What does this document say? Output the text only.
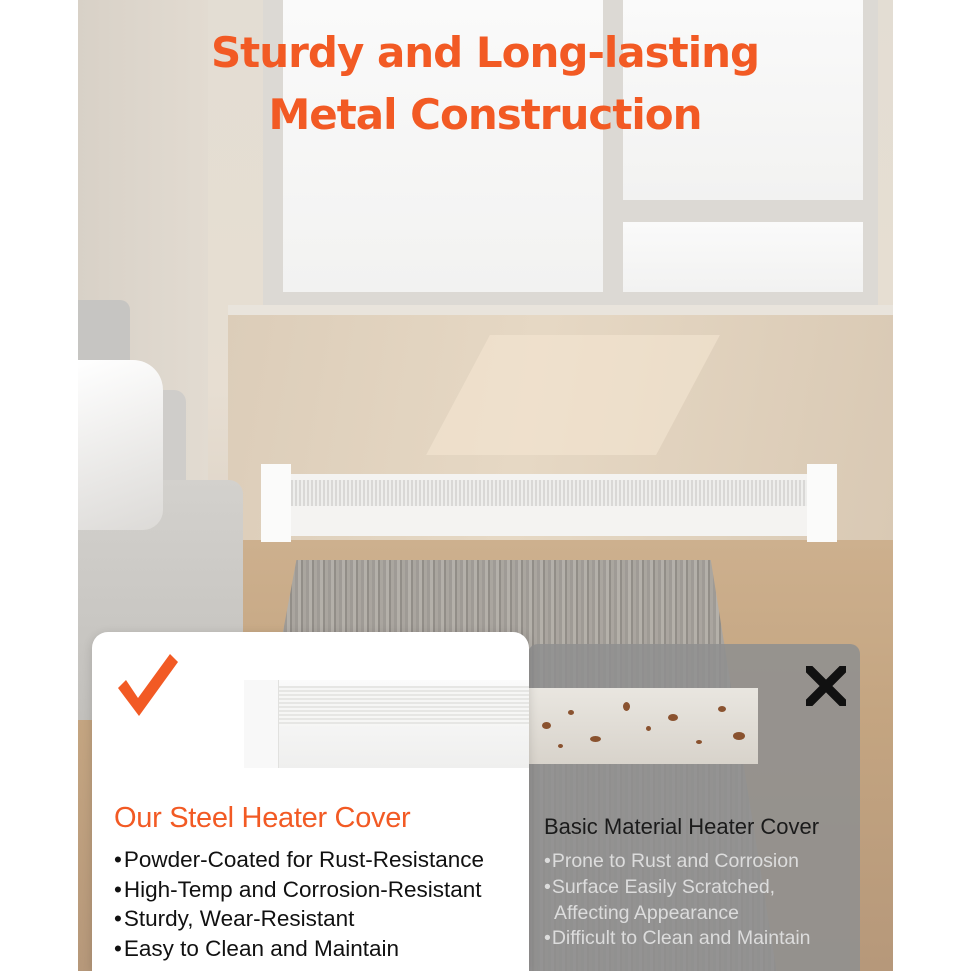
Sturdy and Long-lasting
Metal Construction
Basic Material Heater Cover
• Prone to Rust and Corrosion
• Surface Easily Scratched, Affecting Appearance
• Difficult to Clean and Maintain
Our Steel Heater Cover
• Powder-Coated for Rust-Resistance
• High-Temp and Corrosion-Resistant
• Sturdy, Wear-Resistant
• Easy to Clean and Maintain
